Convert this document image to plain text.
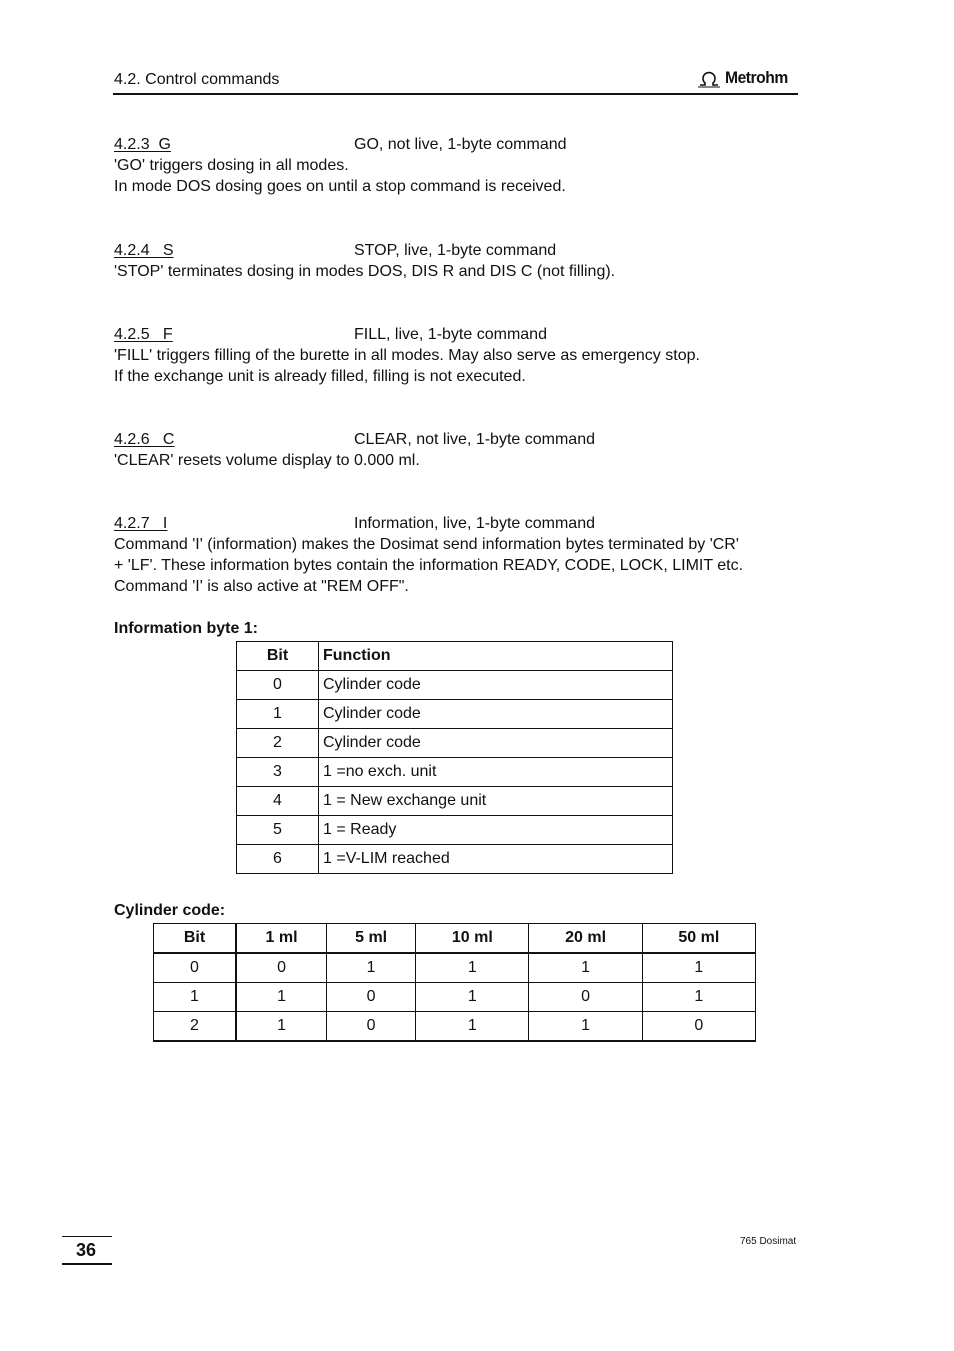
4.2. Control commands	Metrohm
4.2.3  G	GO, not live, 1-byte command

'GO' triggers dosing in all modes.

In mode DOS dosing goes on until a stop command is received.

4.2.4   S	STOP, live, 1-byte command

'STOP' terminates dosing in modes DOS, DIS R and DIS C (not filling).

4.2.5   F	FILL, live, 1-byte command

'FILL' triggers filling of the burette in all modes. May also serve as emergency stop.

If the exchange unit is already filled, filling is not executed.

4.2.6   C	CLEAR, not live, 1-byte command

'CLEAR' resets volume display to 0.000 ml.

4.2.7   I	Information, live, 1-byte command

Command 'I' (information) makes the Dosimat send information bytes terminated by 'CR'

+ 'LF'. These information bytes contain the information READY, CODE, LOCK, LIMIT etc.

Command 'I' is also active at "REM OFF".

Information byte 1:
Bit	Function
0	Cylinder code
1	Cylinder code
2	Cylinder code
3	1 =no exch. unit
4	1 = New exchange unit
5	1 = Ready
6	1 =V-LIM reached
Cylinder code:
Bit	1 ml	5 ml	10 ml	20 ml	50 ml
0	0	1	1	1	1
1	1	0	1	0	1
2	1	0	1	1	0
36	765 Dosimat
